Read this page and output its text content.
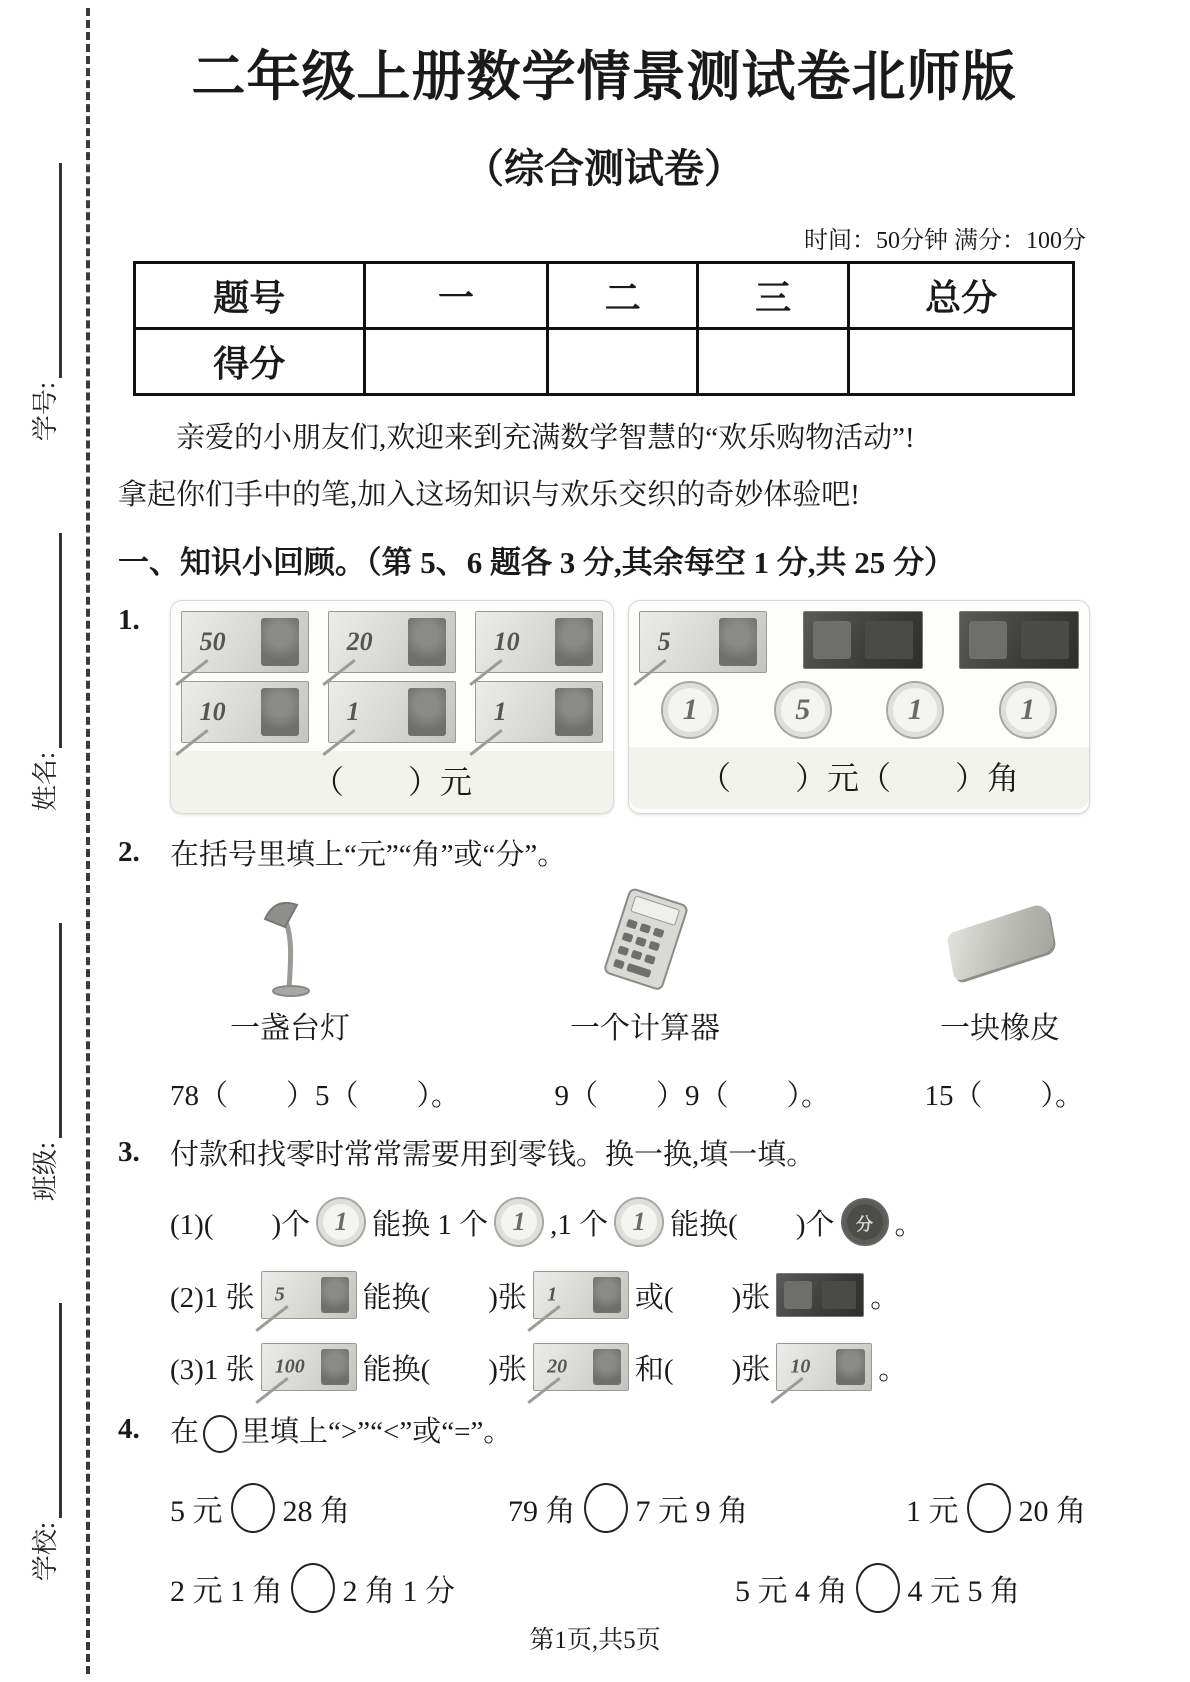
学号:
姓名:
班级:
学校:
二年级上册数学情景测试卷北师版
（综合测试卷）
时间：50分钟 满分：100分
题号	一	二	三	总分
得分				
亲爱的小朋友们,欢迎来到充满数学智慧的“欢乐购物活动”!
拿起你们手中的笔,加入这场知识与欢乐交织的奇妙体验吧!
一、知识小回顾。（第 5、6 题各 3 分,其余每空 1 分,共 25 分）
1.
50	20	10
10	1	1
（　　）元
5
1	5	1	1
（　　）元（　　）角
2.	在括号里填上“元”“角”或“分”。
一盏台灯	一个计算器	一块橡皮
78（　　）5（　　）。	9（　　）9（　　）。	15（　　）。
3.	付款和找零时常常需要用到零钱。换一换,填一填。
(1)(　　)个 1 能换 1 个 1 ,1 个 1 能换(　　)个	分 。
(2)1 张 5	能换(　　)张 1	或(　　)张	。
(3)1 张 100 能换(　　)张 20 和(　　)张 10 。
4.	在 里填上“>”“<”或“=”。
5 元 28 角	79 角 7 元 9 角	1 元 20 角
2 元 1 角 2 角 1 分	5 元 4 角 4 元 5 角
第1页,共5页
